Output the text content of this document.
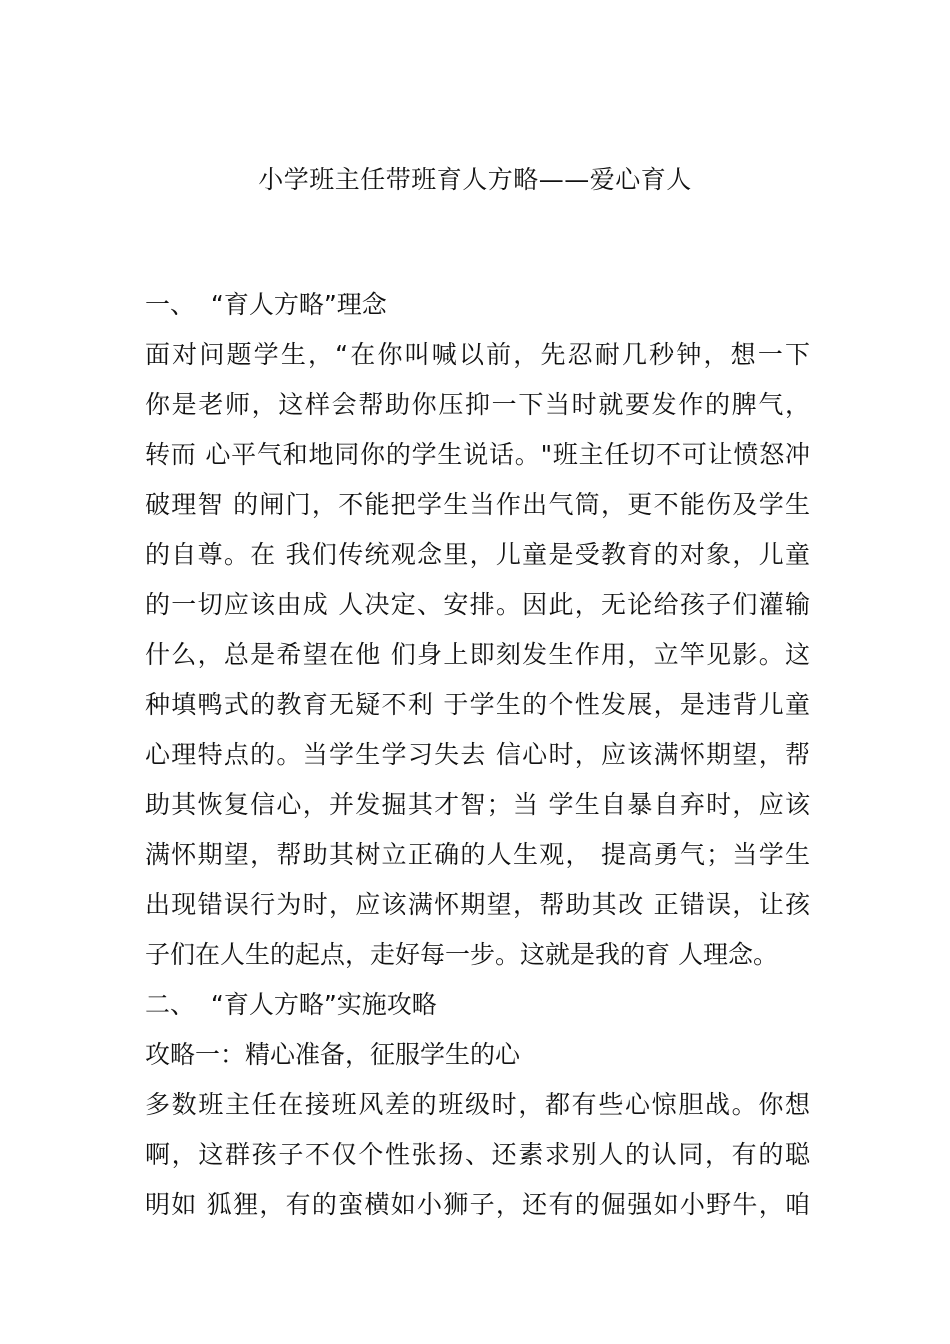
小学班主任带班育人方略——爱心育人
一、  “育人方略”理念
面对问题学生，“在你叫喊以前，先忍耐几秒钟，想一下
你是老师，这样会帮助你压抑一下当时就要发作的脾气，
转而 心平气和地同你的学生说话。"班主任切不可让愤怒冲
破理智 的闸门，不能把学生当作出气筒，更不能伤及学生
的自尊。在 我们传统观念里，儿童是受教育的对象，儿童
的一切应该由成 人决定、安排。因此，无论给孩子们灌输
什么，总是希望在他 们身上即刻发生作用，立竿见影。这
种填鸭式的教育无疑不利 于学生的个性发展，是违背儿童
心理特点的。当学生学习失去 信心时，应该满怀期望，帮
助其恢复信心，并发掘其才智；当 学生自暴自弃时，应该
满怀期望，帮助其树立正确的人生观， 提高勇气；当学生
出现错误行为时，应该满怀期望，帮助其改 正错误，让孩
子们在人生的起点，走好每一步。这就是我的育 人理念。
二、  “育人方略”实施攻略
攻略一：精心准备，征服学生的心
多数班主任在接班风差的班级时，都有些心惊胆战。你想
啊，这群孩子不仅个性张扬、还素求别人的认同，有的聪
明如 狐狸，有的蛮横如小狮子，还有的倔强如小野牛，咱
